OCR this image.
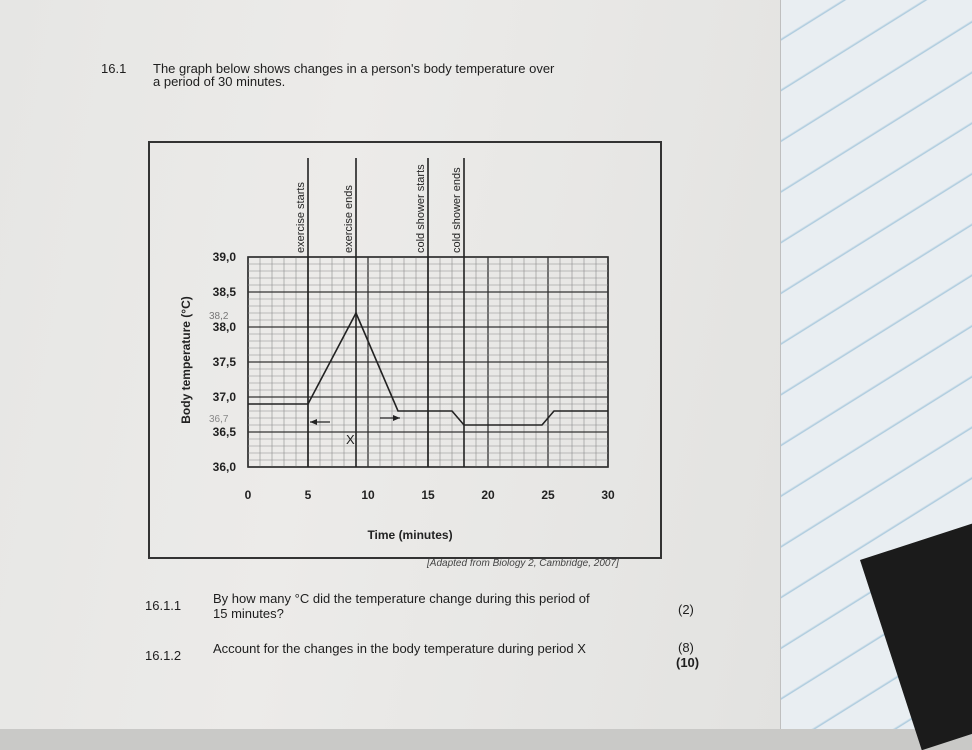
16.1 The graph below shows changes in a person's body temperature over
a period of 30 minutes.
exercise starts	exercise ends	cold shower starts cold shower ends
39,0
38,5
38,0
37,5
37,0
36,5
36,0
0	5	10	15	20	25	30
Body temperature (°C)
Time (minutes)
38,2
36,7
X
[Adapted from Biology 2, Cambridge, 2007]
16.1.1 By how many °C did the temperature change during this period of
15 minutes?	(2)
16.1.2 Account for the changes in the body temperature during period X	(8)
(10)
